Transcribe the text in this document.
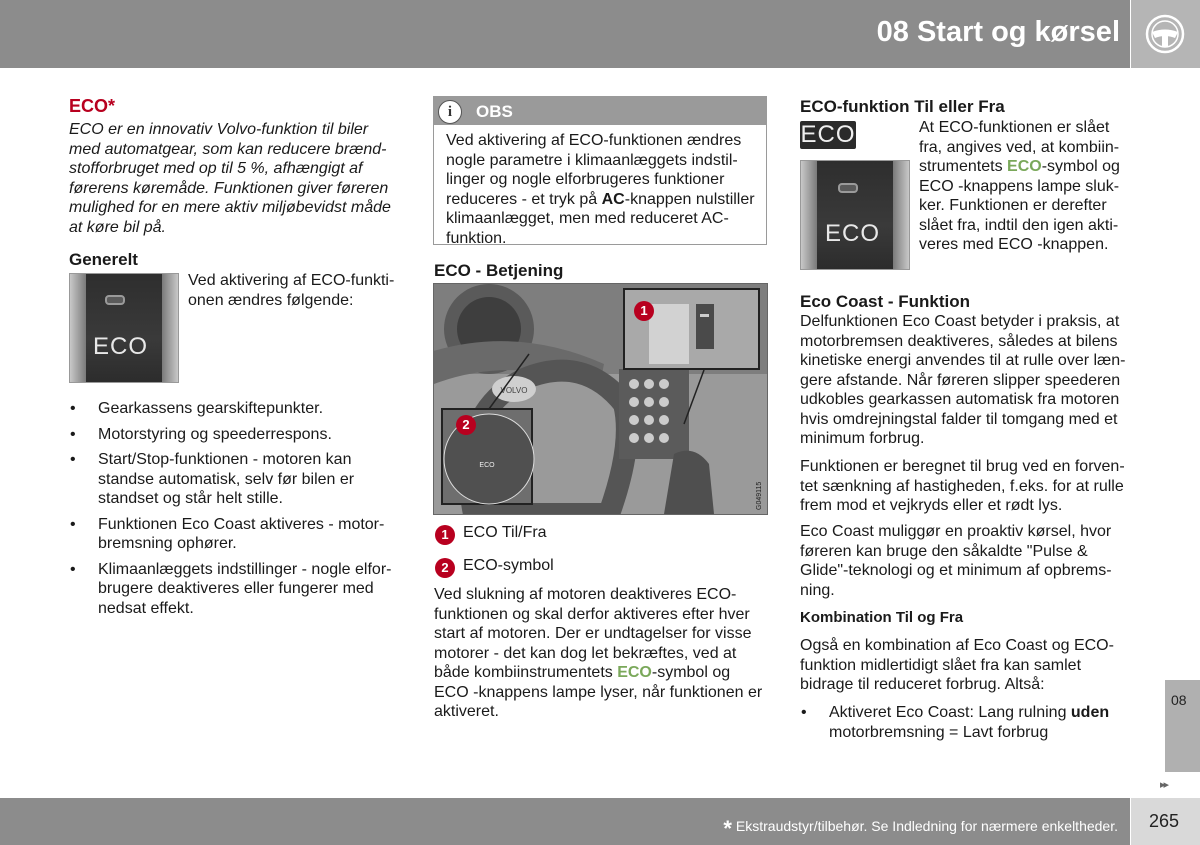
08 Start og kørsel
08
▸▸
ECO*
ECO er en innovativ Volvo-funktion til biler med automatgear, som kan reducere brændstofforbruget med op til 5 %, afhængigt af førerens køremåde. Funktionen giver føreren mulighed for en mere aktiv miljøbevidst måde at køre bil på.
Generelt
ECO
Ved aktivering af ECO-funktionen ændres følgende:
• Gearkassens gearskiftepunkter.
• Motorstyring og speederrespons.
• Start/Stop-funktionen - motoren kan standse automatisk, selv før bilen er standset og står helt stille.
• Funktionen Eco Coast aktiveres - motorbremsning ophører.
• Klimaanlæggets indstillinger - nogle elforbrugere deaktiveres eller fungerer med nedsat effekt.
i	OBS
Ved aktivering af ECO-funktionen ændres nogle parametre i klimaanlæggets indstillinger og nogle elforbrugeres funktioner reduceres - et tryk på AC-knappen nulstiller klimaanlægget, men med reduceret AC-funktion.
ECO - Betjening
VOLVO
ECO
G049115
1
2
1 ECO Til/Fra
2 ECO-symbol
Ved slukning af motoren deaktiveres ECO-funktionen og skal derfor aktiveres efter hver start af motoren. Der er undtagelser for visse motorer - det kan dog let bekræftes, ved at både kombiinstrumentets ECO-symbol og ECO -knappens lampe lyser, når funktionen er aktiveret.
ECO-funktion Til eller Fra
ECO
ECO
At ECO-funktionen er slået fra, angives ved, at kombiinstrumentets ECO-symbol og ECO -knappens lampe slukker. Funktionen er derefter slået fra, indtil den igen aktiveres med ECO -knappen.
Eco Coast - Funktion
Delfunktionen Eco Coast betyder i praksis, at motorbremsen deaktiveres, således at bilens kinetiske energi anvendes til at rulle over længere afstande. Når føreren slipper speederen udkobles gearkassen automatisk fra motoren hvis omdrejningstal falder til tomgang med et minimum forbrug.
Funktionen er beregnet til brug ved en forventet sænkning af hastigheden, f.eks. for at rulle frem mod et vejkryds eller et rødt lys.
Eco Coast muliggør en proaktiv kørsel, hvor føreren kan bruge den såkaldte "Pulse & Glide"-teknologi og et minimum af opbremsning.
Kombination Til og Fra
Også en kombination af Eco Coast og ECO-funktion midlertidigt slået fra kan samlet bidrage til reduceret forbrug. Altså:
• Aktiveret Eco Coast: Lang rulning uden motorbremsning = Lavt forbrug
* Ekstraudstyr/tilbehør. Se Indledning for nærmere enkeltheder. 265
